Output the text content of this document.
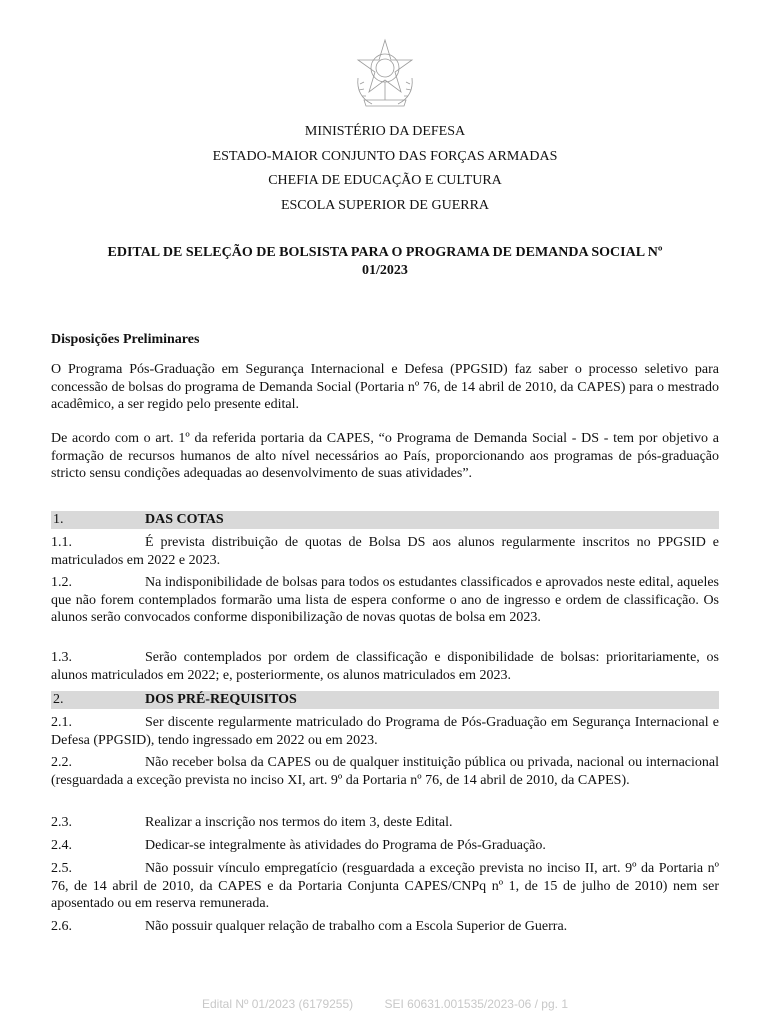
MINISTÉRIO DA DEFESA
ESTADO-MAIOR CONJUNTO DAS FORÇAS ARMADAS
CHEFIA DE EDUCAÇÃO E CULTURA
ESCOLA SUPERIOR DE GUERRA
EDITAL DE SELEÇÃO DE BOLSISTA PARA O PROGRAMA DE DEMANDA SOCIAL Nº
01/2023
Disposições Preliminares
O Programa Pós-Graduação em Segurança Internacional e Defesa (PPGSID) faz saber o processo seletivo para concessão de bolsas do programa de Demanda Social (Portaria nº 76, de 14 abril de 2010, da CAPES) para o mestrado acadêmico, a ser regido pelo presente edital.
De acordo com o art. 1º da referida portaria da CAPES, “o Programa de Demanda Social - DS - tem por objetivo a formação de recursos humanos de alto nível necessários ao País, proporcionando aos programas de pós-graduação stricto sensu condições adequadas ao desenvolvimento de suas atividades”.
1.	DAS COTAS
1.1.	É prevista distribuição de quotas de Bolsa DS aos alunos regularmente inscritos no PPGSID e matriculados em 2022 e 2023.
1.2.	Na indisponibilidade de bolsas para todos os estudantes classificados e aprovados neste edital, aqueles que não forem contemplados formarão uma lista de espera conforme o ano de ingresso e ordem de classificação. Os alunos serão convocados conforme disponibilização de novas quotas de bolsa em 2023.
1.3.	Serão contemplados por ordem de classificação e disponibilidade de bolsas: prioritariamente, os alunos matriculados em 2022; e, posteriormente, os alunos matriculados em 2023.
2.	DOS PRÉ-REQUISITOS
2.1.	Ser discente regularmente matriculado do Programa de Pós-Graduação em Segurança Internacional e Defesa (PPGSID), tendo ingressado em 2022 ou em 2023.
2.2.	Não receber bolsa da CAPES ou de qualquer instituição pública ou privada, nacional ou internacional (resguardada a exceção prevista no inciso XI, art. 9º da Portaria nº 76, de 14 abril de 2010, da CAPES).
2.3.	Realizar a inscrição nos termos do item 3, deste Edital.
2.4.	Dedicar-se integralmente às atividades do Programa de Pós-Graduação.
2.5.	Não possuir vínculo empregatício (resguardada a exceção prevista no inciso II, art. 9º da Portaria nº 76, de 14 abril de 2010, da CAPES e da Portaria Conjunta CAPES/CNPq nº 1, de 15 de julho de 2010) nem ser aposentado ou em reserva remunerada.
2.6.	Não possuir qualquer relação de trabalho com a Escola Superior de Guerra.
Edital Nº 01/2023 (6179255)	SEI 60631.001535/2023-06 / pg. 1
